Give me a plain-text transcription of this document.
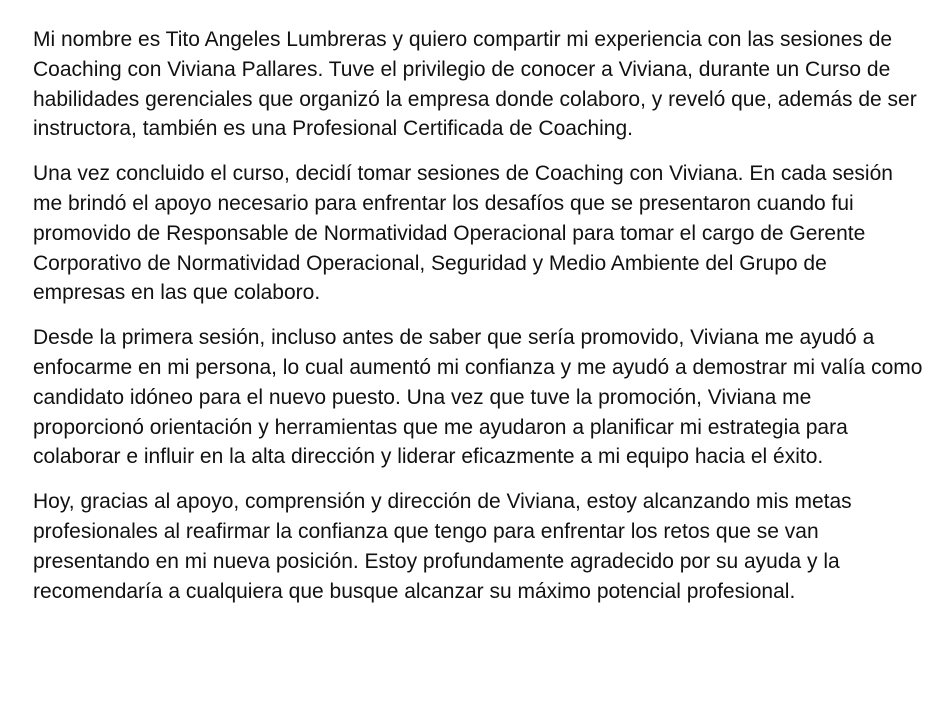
Mi nombre es Tito Angeles Lumbreras y quiero compartir mi experiencia con las sesiones de Coaching con Viviana Pallares. Tuve el privilegio de conocer a Viviana, durante un Curso de habilidades gerenciales que organizó la empresa donde colaboro, y reveló que, además de ser instructora, también es una Profesional Certificada de Coaching.

Una vez concluido el curso, decidí tomar sesiones de Coaching con Viviana. En cada sesión me brindó el apoyo necesario para enfrentar los desafíos que se presentaron cuando fui promovido de Responsable de Normatividad Operacional para tomar el cargo de Gerente Corporativo de Normatividad Operacional, Seguridad y Medio Ambiente del Grupo de empresas en las que colaboro.

Desde la primera sesión, incluso antes de saber que sería promovido, Viviana me ayudó a enfocarme en mi persona, lo cual aumentó mi confianza y me ayudó a demostrar mi valía como candidato idóneo para el nuevo puesto. Una vez que tuve la promoción, Viviana me proporcionó orientación y herramientas que me ayudaron a planificar mi estrategia para colaborar e influir en la alta dirección y liderar eficazmente a mi equipo hacia el éxito.

Hoy, gracias al apoyo, comprensión y dirección de Viviana, estoy alcanzando mis metas profesionales al reafirmar la confianza que tengo para enfrentar los retos que se van presentando en mi nueva posición. Estoy profundamente agradecido por su ayuda y la recomendaría a cualquiera que busque alcanzar su máximo potencial profesional.
